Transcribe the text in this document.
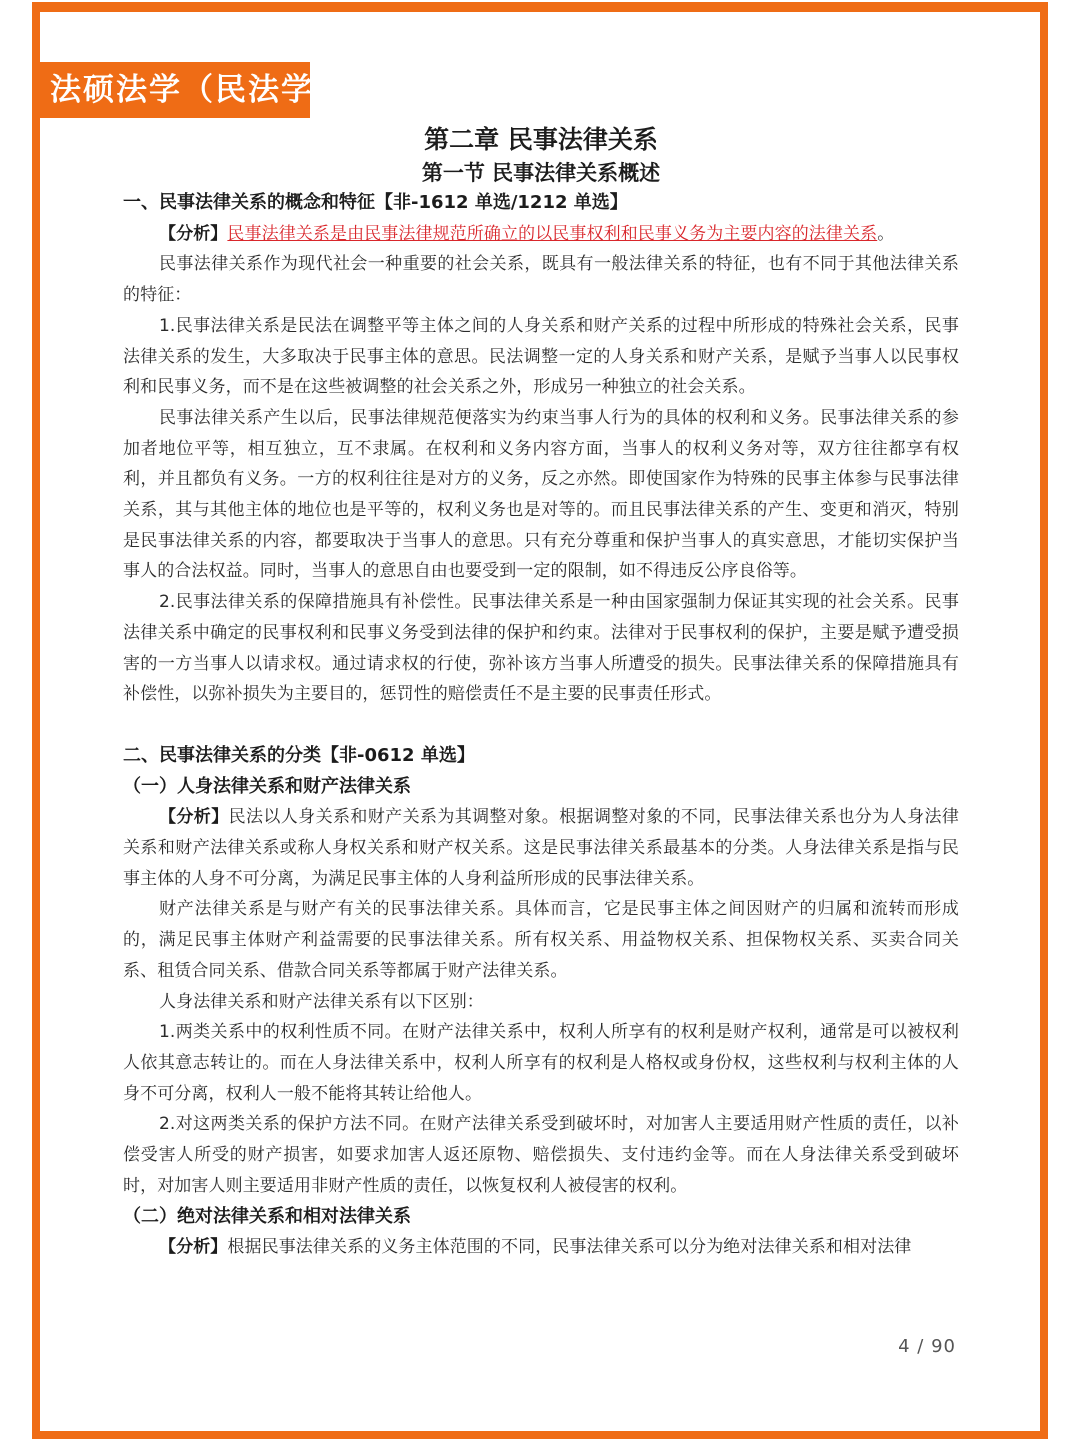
法硕法学（民法学）
第二章 民事法律关系
第一节 民事法律关系概述
一、民事法律关系的概念和特征【非-1612 单选/1212 单选】

【分析】民事法律关系是由民事法律规范所确立的以民事权利和民事义务为主要内容的法律关系。

民事法律关系作为现代社会一种重要的社会关系，既具有一般法律关系的特征，也有不同于其他法律关系的特征：

1.民事法律关系是民法在调整平等主体之间的人身关系和财产关系的过程中所形成的特殊社会关系，民事法律关系的发生，大多取决于民事主体的意思。民法调整一定的人身关系和财产关系，是赋予当事人以民事权利和民事义务，而不是在这些被调整的社会关系之外，形成另一种独立的社会关系。

民事法律关系产生以后，民事法律规范便落实为约束当事人行为的具体的权利和义务。民事法律关系的参加者地位平等，相互独立，互不隶属。在权利和义务内容方面，当事人的权利义务对等，双方往往都享有权利，并且都负有义务。一方的权利往往是对方的义务，反之亦然。即使国家作为特殊的民事主体参与民事法律关系，其与其他主体的地位也是平等的，权利义务也是对等的。而且民事法律关系的产生、变更和消灭，特别是民事法律关系的内容，都要取决于当事人的意思。只有充分尊重和保护当事人的真实意思，才能切实保护当事人的合法权益。同时，当事人的意思自由也要受到一定的限制，如不得违反公序良俗等。

2.民事法律关系的保障措施具有补偿性。民事法律关系是一种由国家强制力保证其实现的社会关系。民事法律关系中确定的民事权利和民事义务受到法律的保护和约束。法律对于民事权利的保护，主要是赋予遭受损害的一方当事人以请求权。通过请求权的行使，弥补该方当事人所遭受的损失。民事法律关系的保障措施具有补偿性，以弥补损失为主要目的，惩罚性的赔偿责任不是主要的民事责任形式。

二、民事法律关系的分类【非-0612 单选】
（一）人身法律关系和财产法律关系

【分析】民法以人身关系和财产关系为其调整对象。根据调整对象的不同，民事法律关系也分为人身法律关系和财产法律关系或称人身权关系和财产权关系。这是民事法律关系最基本的分类。人身法律关系是指与民事主体的人身不可分离，为满足民事主体的人身利益所形成的民事法律关系。

财产法律关系是与财产有关的民事法律关系。具体而言，它是民事主体之间因财产的归属和流转而形成的，满足民事主体财产利益需要的民事法律关系。所有权关系、用益物权关系、担保物权关系、买卖合同关系、租赁合同关系、借款合同关系等都属于财产法律关系。

人身法律关系和财产法律关系有以下区别：

1.两类关系中的权利性质不同。在财产法律关系中，权利人所享有的权利是财产权利，通常是可以被权利人依其意志转让的。而在人身法律关系中，权利人所享有的权利是人格权或身份权，这些权利与权利主体的人身不可分离，权利人一般不能将其转让给他人。

2.对这两类关系的保护方法不同。在财产法律关系受到破坏时，对加害人主要适用财产性质的责任，以补偿受害人所受的财产损害，如要求加害人返还原物、赔偿损失、支付违约金等。而在人身法律关系受到破坏时，对加害人则主要适用非财产性质的责任，以恢复权利人被侵害的权利。

（二）绝对法律关系和相对法律关系

【分析】根据民事法律关系的义务主体范围的不同，民事法律关系可以分为绝对法律关系和相对法律

4 / 90
